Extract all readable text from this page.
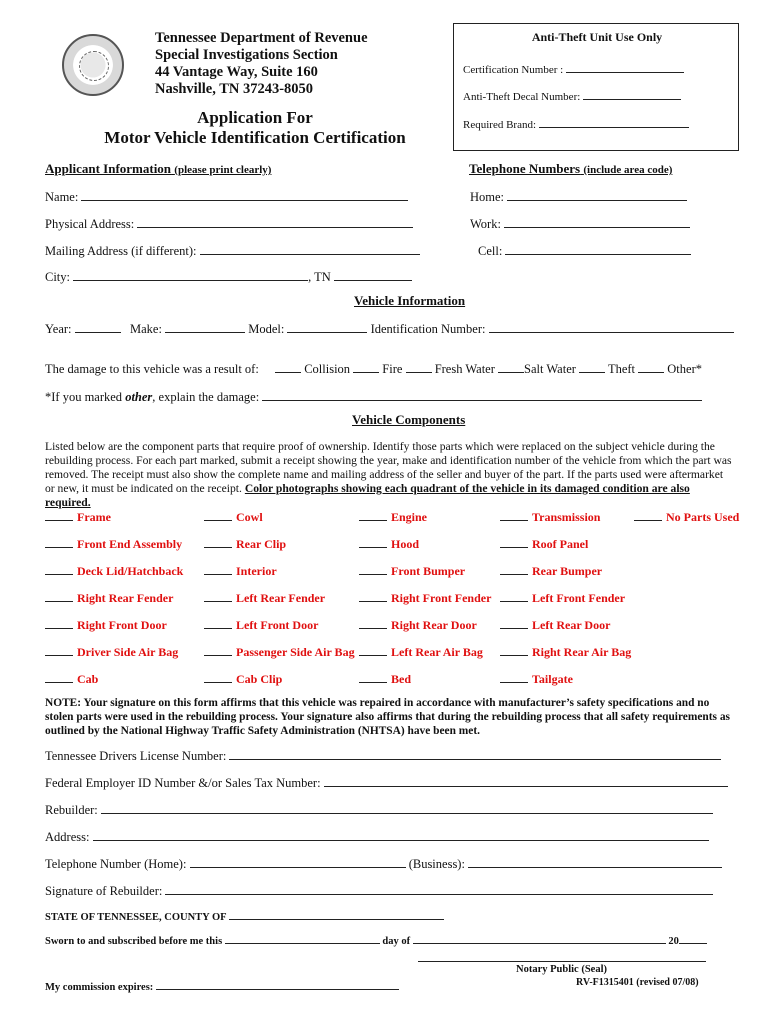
Tennessee Department of Revenue
Special Investigations Section
44 Vantage Way, Suite 160
Nashville, TN 37243-8050
Application For
Motor Vehicle Identification Certification
Anti-Theft Unit Use Only
Certification Number :
Anti-Theft Decal Number:
Required Brand:
Applicant Information (please print clearly)	Telephone Numbers (include area code)
Name:
Physical Address:
Mailing Address (if different):
City:	, TN
Home:
Work:
Cell:
Vehicle Information
Year:	Make:	Model:	Identification Number:
The damage to this vehicle was a result of:	Collision	Fire	Fresh Water Salt Water	Theft	Other*
*If you marked other, explain the damage:
Vehicle Components
Listed below are the component parts that require proof of ownership. Identify those parts which were replaced on the subject vehicle during the rebuilding process. For each part marked, submit a receipt showing the year, make and identification number of the vehicle from which the part was removed. The receipt must also show the complete name and mailing address of the seller and buyer of the part. If the parts used were aftermarket or new, it must be indicated on the receipt. Color photographs showing each quadrant of the vehicle in its damaged condition are also required.
Frame	Cowl	Engine	Transmission	No Parts Used
Front End Assembly	Rear Clip	Hood	Roof Panel
Deck Lid/Hatchback	Interior	Front Bumper	Rear Bumper
Right Rear Fender	Left Rear Fender	Right Front Fender	Left Front Fender
Right Front Door	Left Front Door	Right Rear Door	Left Rear Door
Driver Side Air Bag	Passenger Side Air Bag	Left Rear Air Bag	Right Rear Air Bag
Cab	Cab Clip	Bed	Tailgate
NOTE: Your signature on this form affirms that this vehicle was repaired in accordance with manufacturer’s safety specifications and no stolen parts were used in the rebuilding process. Your signature also affirms that during the rebuilding process that all safety requirements as outlined by the National Highway Traffic Safety Administration (NHTSA) have been met.
Tennessee Drivers License Number:
Federal Employer ID Number &/or Sales Tax Number:
Rebuilder:
Address:
Telephone Number (Home):	(Business):
Signature of Rebuilder:
STATE OF TENNESSEE, COUNTY OF
Sworn to and subscribed before me this	day of	20
Notary Public (Seal)
My commission expires:	RV-F1315401 (revised 07/08)
